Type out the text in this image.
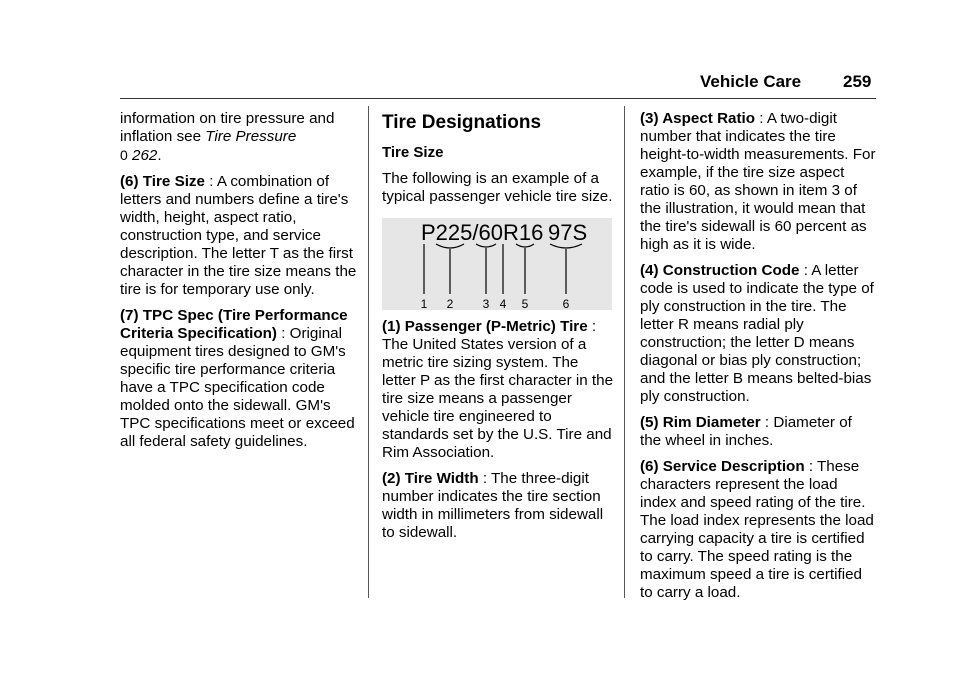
Vehicle Care 259

information on tire pressure and inflation see Tire Pressure
0 262.

(6) Tire Size : A combination of letters and numbers define a tire's width, height, aspect ratio, construction type, and service description. The letter T as the first character in the tire size means the tire is for temporary use only.

(7) TPC Spec (Tire Performance Criteria Specification) : Original equipment tires designed to GM's specific tire performance criteria have a TPC specification code molded onto the sidewall. GM's TPC specifications meet or exceed all federal safety guidelines.

Tire Designations
Tire Size

The following is an example of a typical passenger vehicle tire size.

P225/60R16 97S
1 2 3 4 5	6

(1) Passenger (P-Metric) Tire : The United States version of a metric tire sizing system. The letter P as the first character in the tire size means a passenger vehicle tire engineered to standards set by the U.S. Tire and Rim Association.

(2) Tire Width : The three-digit number indicates the tire section width in millimeters from sidewall to sidewall.

(3) Aspect Ratio : A two-digit number that indicates the tire height-to-width measurements. For example, if the tire size aspect ratio is 60, as shown in item 3 of the illustration, it would mean that the tire's sidewall is 60 percent as high as it is wide.

(4) Construction Code : A letter code is used to indicate the type of ply construction in the tire. The letter R means radial ply construction; the letter D means diagonal or bias ply construction; and the letter B means belted-bias ply construction.

(5) Rim Diameter : Diameter of the wheel in inches.

(6) Service Description : These characters represent the load index and speed rating of the tire. The load index represents the load carrying capacity a tire is certified to carry. The speed rating is the maximum speed a tire is certified to carry a load.
